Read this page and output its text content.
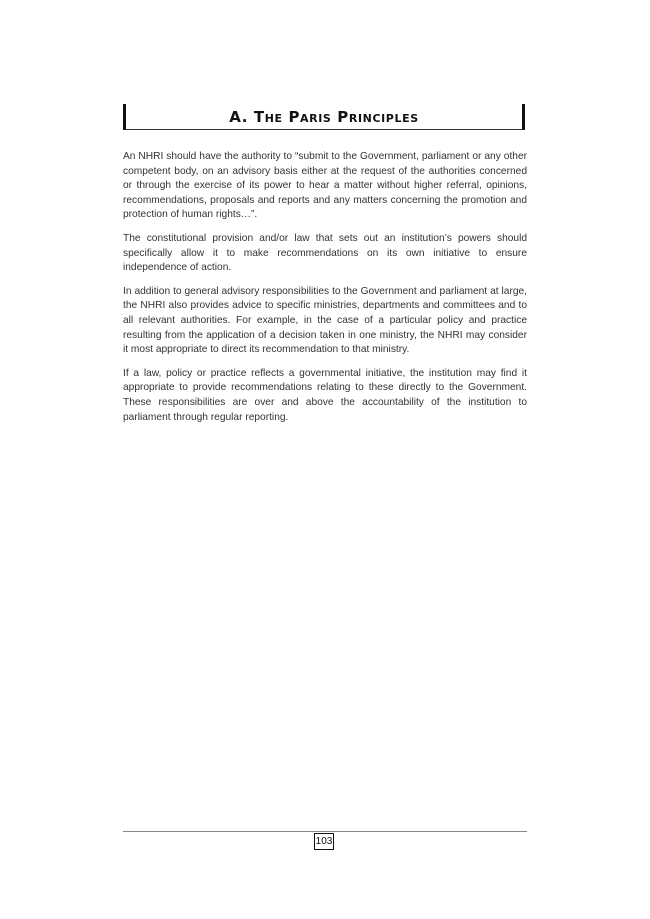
A. The Paris Principles

An NHRI should have the authority to “submit to the Government, parliament or any other competent body, on an advisory basis either at the request of the authorities concerned or through the exercise of its power to hear a matter without higher referral, opinions, recommendations, proposals and reports and any matters concerning the promotion and protection of human rights…”.

The constitutional provision and/or law that sets out an institution’s powers should specifically allow it to make recommendations on its own initiative to ensure independence of action.

In addition to general advisory responsibilities to the Government and parliament at large, the NHRI also provides advice to specific ministries, departments and committees and to all relevant authorities. For example, in the case of a particular policy and practice resulting from the application of a decision taken in one ministry, the NHRI may consider it most appropriate to direct its recommendation to that ministry.

If a law, policy or practice reflects a governmental initiative, the institution may find it appropriate to provide recommendations relating to these directly to the Government. These responsibilities are over and above the accountability of the institution to parliament through regular reporting.

103
